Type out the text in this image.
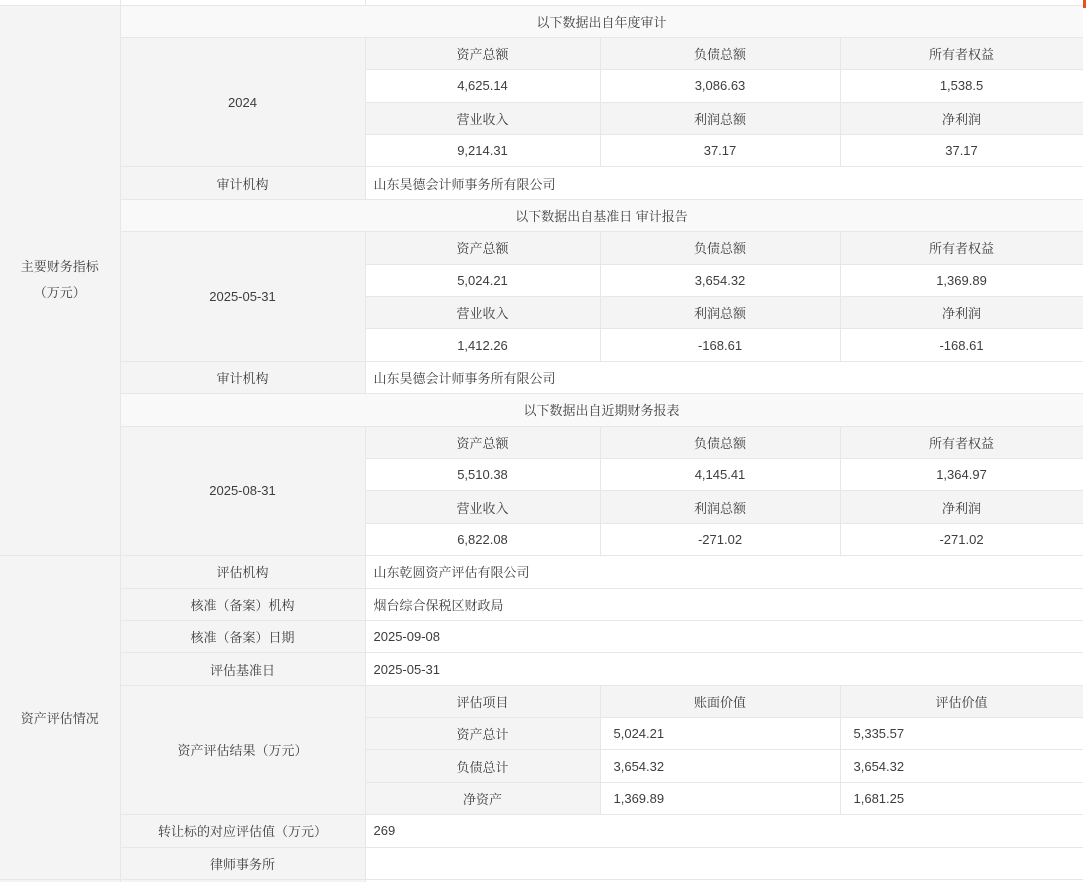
主要财务指标
（万元）	以下数据出自年度审计			
	2024	资产总额	负债总额	所有者权益
		4,625.14	3,086.63	1,538.5
		营业收入	利润总额	净利润
		9,214.31	37.17	37.17
	审计机构	山东昊德会计师事务所有限公司		
	以下数据出自基准日 审计报告			
	2025-05-31	资产总额	负债总额	所有者权益
		5,024.21	3,654.32	1,369.89
		营业收入	利润总额	净利润
		1,412.26	-168.61	-168.61
	审计机构	山东昊德会计师事务所有限公司		
	以下数据出自近期财务报表			
	2025-08-31	资产总额	负债总额	所有者权益
		5,510.38	4,145.41	1,364.97
		营业收入	利润总额	净利润
		6,822.08	-271.02	-271.02
资产评估情况	评估机构	山东乾圆资产评估有限公司		
	核准（备案）机构	烟台综合保税区财政局		
	核准（备案）日期	2025-09-08		
	评估基准日	2025-05-31		
	资产评估结果（万元）	评估项目	账面价值	评估价值
		资产总计	5,024.21	5,335.57
		负债总计	3,654.32	3,654.32
		净资产	1,369.89	1,681.25
	转让标的对应评估值（万元）	269		
	律师事务所			
